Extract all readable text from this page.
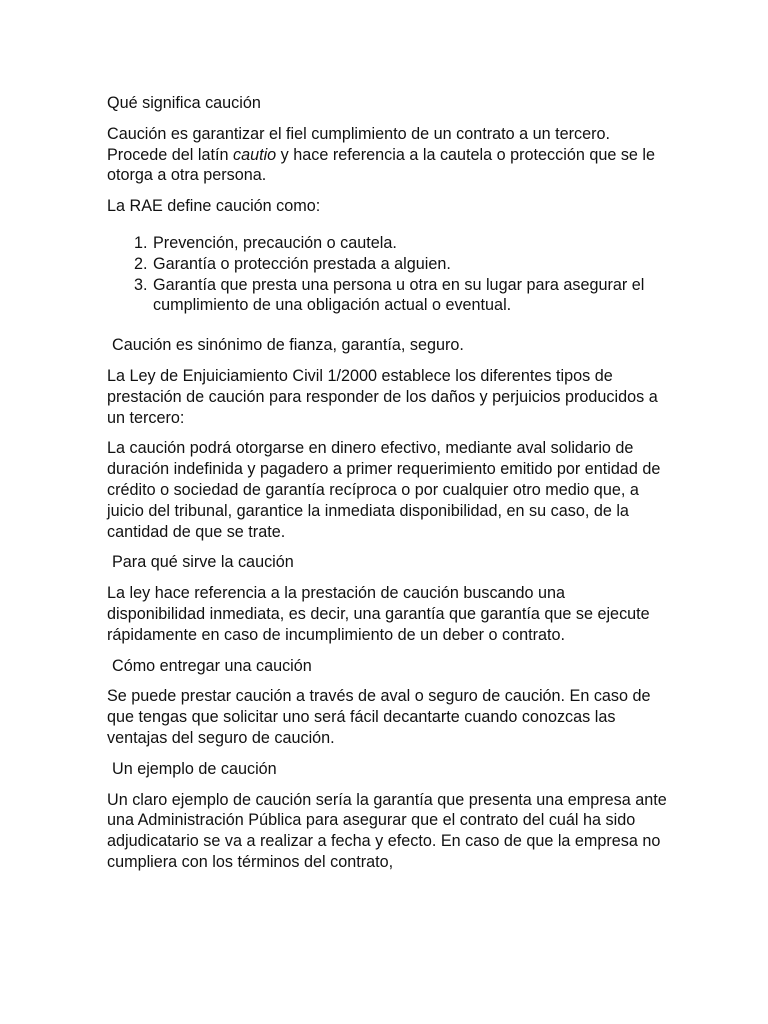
Qué significa caución

Caución es garantizar el fiel cumplimiento de un contrato a un tercero. Procede del latín cautio y hace referencia a la cautela o protección que se le otorga a otra persona.

La RAE define caución como:

1. Prevención, precaución o cautela.
2. Garantía o protección prestada a alguien.
3. Garantía que presta una persona u otra en su lugar para asegurar el cumplimiento de una obligación actual o eventual.

Caución es sinónimo de fianza, garantía, seguro.

La Ley de Enjuiciamiento Civil 1/2000 establece los diferentes tipos de prestación de caución para responder de los daños y perjuicios producidos a un tercero:

La caución podrá otorgarse en dinero efectivo, mediante aval solidario de duración indefinida y pagadero a primer requerimiento emitido por entidad de crédito o sociedad de garantía recíproca o por cualquier otro medio que, a juicio del tribunal, garantice la inmediata disponibilidad, en su caso, de la cantidad de que se trate.

Para qué sirve la caución

La ley hace referencia a la prestación de caución buscando una disponibilidad inmediata, es decir, una garantía que garantía que se ejecute rápidamente en caso de incumplimiento de un deber o contrato.

Cómo entregar una caución

Se puede prestar caución a través de aval o seguro de caución. En caso de que tengas que solicitar uno será fácil decantarte cuando conozcas las ventajas del seguro de caución.

Un ejemplo de caución

Un claro ejemplo de caución sería la garantía que presenta una empresa ante una Administración Pública para asegurar que el contrato del cuál ha sido adjudicatario se va a realizar a fecha y efecto. En caso de que la empresa no cumpliera con los términos del contrato,
